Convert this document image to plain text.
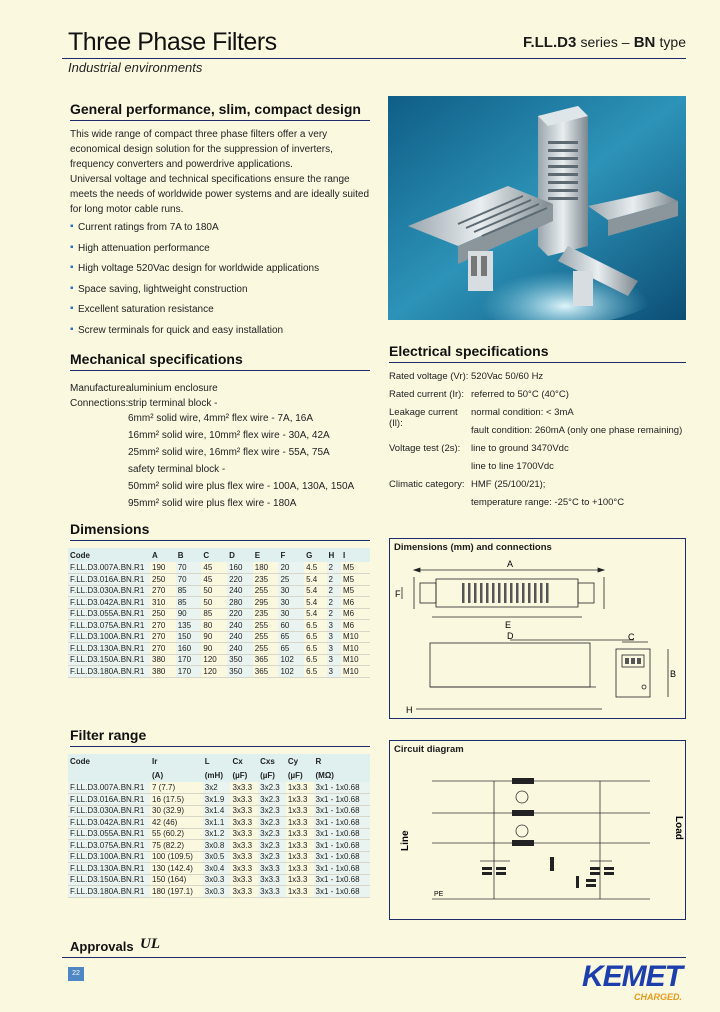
Three Phase Filters	F.LL.D3 series – BN type
Industrial environments
General performance, slim, compact design
This wide range of compact three phase filters offer a very economical design solution for the suppression of inverters, frequency converters and powerdrive applications.
Universal voltage and technical specifications ensure the range meets the needs of worldwide power systems and are ideally suited for long motor cable runs.
▪ Current ratings from 7A to 180A
▪ High attenuation performance
▪ High voltage 520Vac design for worldwide applications
▪ Space saving, lightweight construction
▪ Excellent saturation resistance
▪ Screw terminals for quick and easy installation
Mechanical specifications
Manufacture:
aluminium enclosure
Connections: strip terminal block -
6mm² solid wire, 4mm² flex wire - 7A, 16A
16mm² solid wire, 10mm² flex wire - 30A, 42A
25mm² solid wire, 16mm² flex wire - 55A, 75A
safety terminal block -
50mm² solid wire plus flex wire - 100A, 130A, 150A
95mm² solid wire plus flex wire - 180A
Electrical specifications
Rated voltage (Vr): 520Vac 50/60 Hz
Rated current (Ir): referred to 50°C (40°C)
Leakage current (Il):
normal condition: < 3mA
fault condition: 260mA (only one phase remaining)
Voltage test (2s):	line to ground 3470Vdc
line to line 1700Vdc
Climatic category: HMF (25/100/21);
temperature range: -25°C to +100°C
Dimensions
Code	A	B	C	D	E	F	G	H	I
F.LL.D3.007A.BN.R1	190	70	45	160	180	20	4.5	2	M5
F.LL.D3.016A.BN.R1	250	70	45	220	235	25	5.4	2	M5
F.LL.D3.030A.BN.R1	270	85	50	240	255	30	5.4	2	M5
F.LL.D3.042A.BN.R1	310	85	50	280	295	30	5.4	2	M6
F.LL.D3.055A.BN.R1	250	90	85	220	235	30	5.4	2	M6
F.LL.D3.075A.BN.R1	270	135	80	240	255	60	6.5	3	M6
F.LL.D3.100A.BN.R1	270	150	90	240	255	65	6.5	3	M10
F.LL.D3.130A.BN.R1	270	160	90	240	255	65	6.5	3	M10
F.LL.D3.150A.BN.R1	380	170	120	350	365	102	6.5	3	M10
F.LL.D3.180A.BN.R1	380	170	120	350	365	102	6.5	3	M10
Dimensions (mm) and connections
A
E
D	C
B
F
H
Filter range
Code	Ir	L	Cx	Cxs	Cy	R
	(A)	(mH)	(µF)	(µF)	(µF)	(MΩ)
F.LL.D3.007A.BN.R1	7 (7.7)	3x2	3x3.3	3x2.3	1x3.3	3x1 - 1x0.68
F.LL.D3.016A.BN.R1	16 (17.5)	3x1.9	3x3.3	3x2.3	1x3.3	3x1 - 1x0.68
F.LL.D3.030A.BN.R1	30 (32.9)	3x1.4	3x3.3	3x2.3	1x3.3	3x1 - 1x0.68
F.LL.D3.042A.BN.R1	42 (46)	3x1.1	3x3.3	3x2.3	1x3.3	3x1 - 1x0.68
F.LL.D3.055A.BN.R1	55 (60.2)	3x1.2	3x3.3	3x2.3	1x3.3	3x1 - 1x0.68
F.LL.D3.075A.BN.R1	75 (82.2)	3x0.8	3x3.3	3x2.3	1x3.3	3x1 - 1x0.68
F.LL.D3.100A.BN.R1	100 (109.5)	3x0.5	3x3.3	3x2.3	1x3.3	3x1 - 1x0.68
F.LL.D3.130A.BN.R1	130 (142.4)	3x0.4	3x3.3	3x3.3	1x3.3	3x1 - 1x0.68
F.LL.D3.150A.BN.R1	150 (164)	3x0.3	3x3.3	3x3.3	1x3.3	3x1 - 1x0.68
F.LL.D3.180A.BN.R1	180 (197.1)	3x0.3	3x3.3	3x3.3	1x3.3	3x1 - 1x0.68
Circuit diagram
Line
Load
PE
Approvals UL
22	KEMET
CHARGED.
